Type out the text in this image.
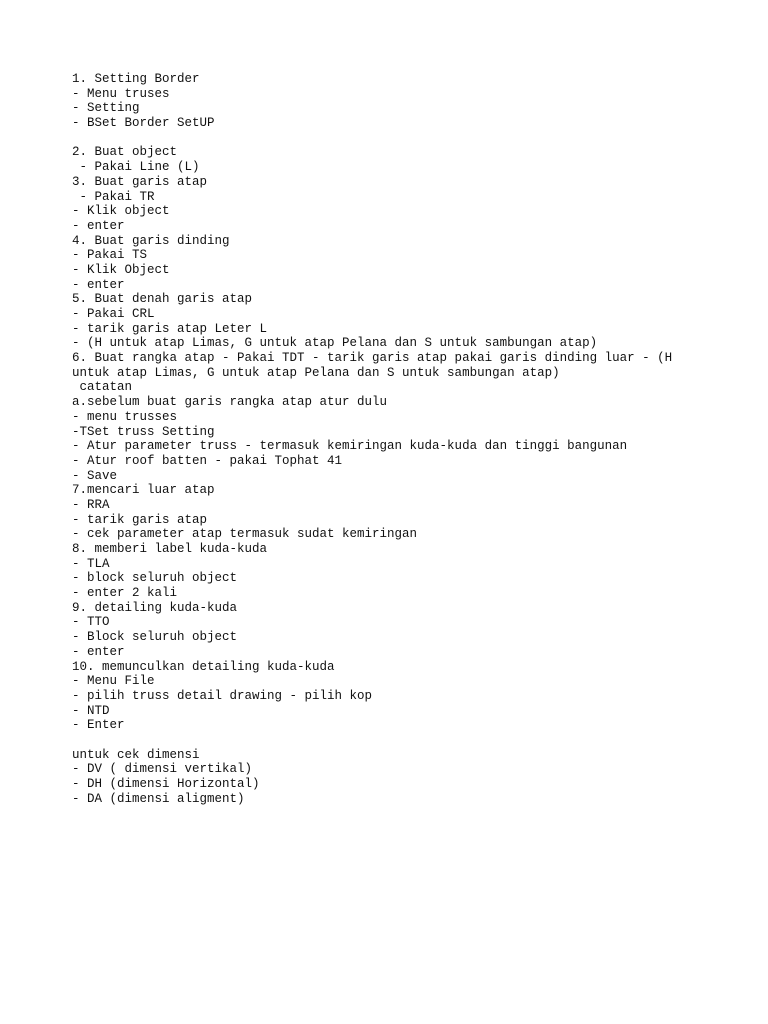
1. Setting Border
- Menu truses
- Setting
- BSet Border SetUP
2. Buat object
- Pakai Line (L)
3. Buat garis atap
- Pakai TR
- Klik object
- enter
4. Buat garis dinding
- Pakai TS
- Klik Object
- enter
5. Buat denah garis atap
- Pakai CRL
- tarik garis atap Leter L
- (H untuk atap Limas, G untuk atap Pelana dan S untuk sambungan atap)
6. Buat rangka atap - Pakai TDT - tarik garis atap pakai garis dinding luar - (H
untuk atap Limas, G untuk atap Pelana dan S untuk sambungan atap)
catatan
a.sebelum buat garis rangka atap atur dulu
- menu trusses
-TSet truss Setting
- Atur parameter truss - termasuk kemiringan kuda-kuda dan tinggi bangunan
- Atur roof batten - pakai Tophat 41
- Save
7.mencari luar atap
- RRA
- tarik garis atap
- cek parameter atap termasuk sudat kemiringan
8. memberi label kuda-kuda
- TLA
- block seluruh object
- enter 2 kali
9. detailing kuda-kuda
- TTO
- Block seluruh object
- enter
10. memunculkan detailing kuda-kuda
- Menu File
- pilih truss detail drawing - pilih kop
- NTD
- Enter
untuk cek dimensi
- DV ( dimensi vertikal)
- DH (dimensi Horizontal)
- DA (dimensi aligment)
